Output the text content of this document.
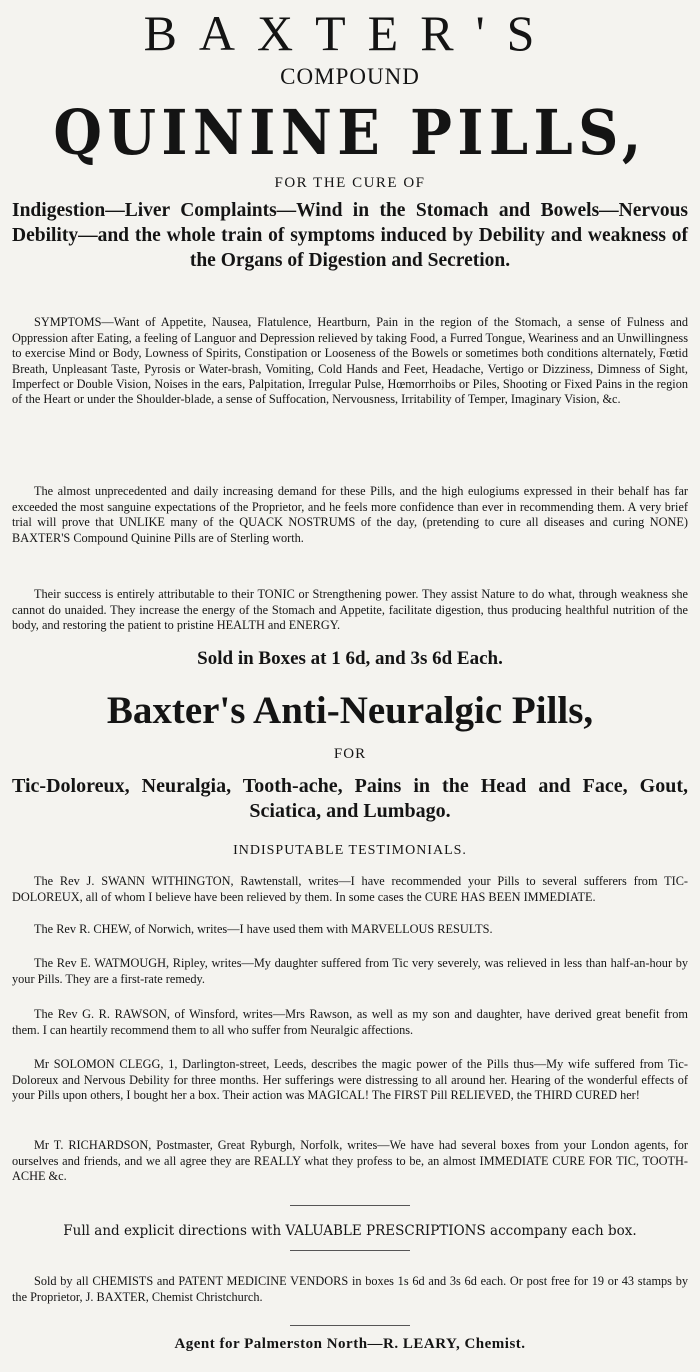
BAXTER'S
COMPOUND
QUININE PILLS,
FOR THE CURE OF
Indigestion—Liver Complaints—Wind in the Stomach and Bowels—Nervous Debility—and the whole train of symptoms induced by Debility and weakness of the Organs of Digestion and Secretion.

SYMPTOMS—Want of Appetite, Nausea, Flatulence, Heartburn, Pain in the region of the Stomach, a sense of Fulness and Oppression after Eating, a feeling of Languor and Depression relieved by taking Food, a Furred Tongue, Weariness and an Unwillingness to exercise Mind or Body, Lowness of Spirits, Constipation or Looseness of the Bowels or sometimes both conditions alternately, Fœtid Breath, Unpleasant Taste, Pyrosis or Water-brash, Vomiting, Cold Hands and Feet, Headache, Vertigo or Dizziness, Dimness of Sight, Imperfect or Double Vision, Noises in the ears, Palpitation, Irregular Pulse, Hœmorrhoibs or Piles, Shooting or Fixed Pains in the region of the Heart or under the Shoulder-blade, a sense of Suffocation, Nervousness, Irritability of Temper, Imaginary Vision, &c.

The almost unprecedented and daily increasing demand for these Pills, and the high eulogiums expressed in their behalf has far exceeded the most sanguine expectations of the Proprietor, and he feels more confidence than ever in recommending them. A very brief trial will prove that UNLIKE many of the QUACK NOSTRUMS of the day, (pretending to cure all diseases and curing NONE) BAXTER'S Compound Quinine Pills are of Sterling worth.

Their success is entirely attributable to their TONIC or Strengthening power. They assist Nature to do what, through weakness she cannot do unaided. They increase the energy of the Stomach and Appetite, facilitate digestion, thus producing healthful nutrition of the body, and restoring the patient to pristine HEALTH and ENERGY.

Sold in Boxes at 1 6d, and 3s 6d Each.
Baxter's Anti-Neuralgic Pills,
FOR
Tic-Doloreux, Neuralgia, Tooth-ache, Pains in the Head and Face, Gout, Sciatica, and Lumbago.
INDISPUTABLE TESTIMONIALS.

The Rev J. SWANN WITHINGTON, Rawtenstall, writes—I have recommended your Pills to several sufferers from TIC-DOLOREUX, all of whom I believe have been relieved by them. In some cases the CURE HAS BEEN IMMEDIATE.

The Rev R. CHEW, of Norwich, writes—I have used them with MARVELLOUS RESULTS.

The Rev E. WATMOUGH, Ripley, writes—My daughter suffered from Tic very severely, was relieved in less than half-an-hour by your Pills. They are a first-rate remedy.

The Rev G. R. RAWSON, of Winsford, writes—Mrs Rawson, as well as my son and daughter, have derived great benefit from them. I can heartily recommend them to all who suffer from Neuralgic affections.

Mr SOLOMON CLEGG, 1, Darlington-street, Leeds, describes the magic power of the Pills thus—My wife suffered from Tic-Doloreux and Nervous Debility for three months. Her sufferings were distressing to all around her. Hearing of the wonderful effects of your Pills upon others, I bought her a box. Their action was MAGICAL! The FIRST Pill RELIEVED, the THIRD CURED her!

Mr T. RICHARDSON, Postmaster, Great Ryburgh, Norfolk, writes—We have had several boxes from your London agents, for ourselves and friends, and we all agree they are REALLY what they profess to be, an almost IMMEDIATE CURE FOR TIC, TOOTH-ACHE &c.

Full and explicit directions with VALUABLE PRESCRIPTIONS accompany each box.

Sold by all CHEMISTS and PATENT MEDICINE VENDORS in boxes 1s 6d and 3s 6d each. Or post free for 19 or 43 stamps by the Proprietor, J. BAXTER, Chemist Christchurch.

Agent for Palmerston North—R. LEARY, Chemist.
